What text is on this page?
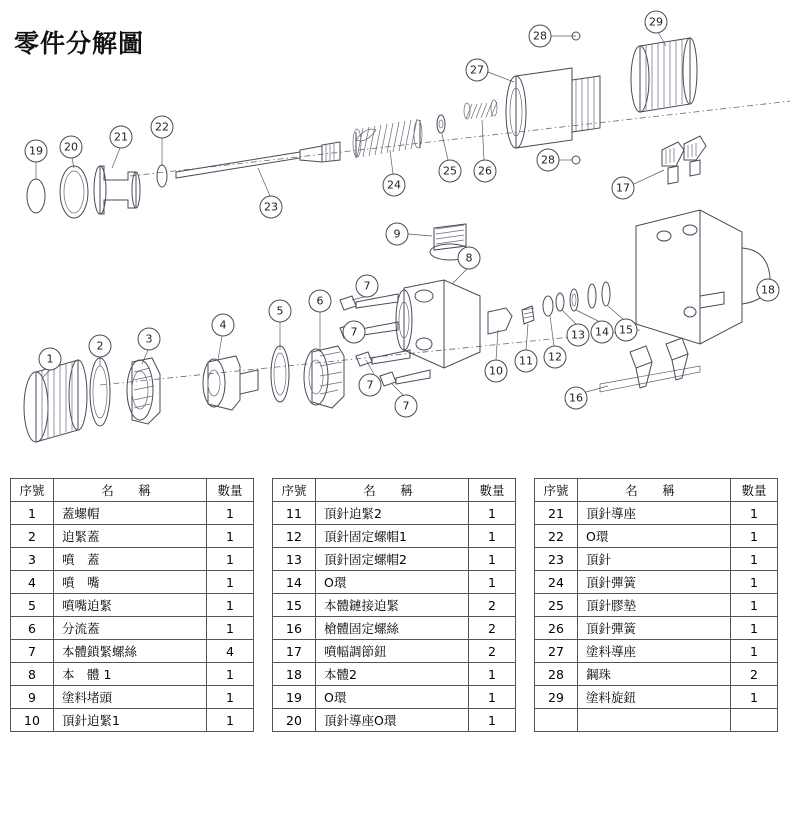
零件分解圖	28
29
27
19 20
21
22
23
24
25 26
28
17
18
9
8
7
7
7
7
10
11 12
13 14 15
16
1
2
3
4
5
6
序號	名　稱	數量
1	蓋螺帽	1
2	迫緊蓋	1
3	噴　蓋	1
4	噴　嘴	1
5	噴嘴迫緊	1
6	分流蓋	1
7	本體鎖緊螺絲	4
8	本　體 1	1
9	塗料堵頭	1
10	頂針迫緊1	1
序號	名　稱	數量
11	頂針迫緊2	1
12	頂針固定螺帽1	1
13	頂針固定螺帽2	1
14	O環	1
15	本體鏈接迫緊	2
16	槍體固定螺絲	2
17	噴幅調節鈕	2
18	本體2	1
19	O環	1
20	頂針導座O環	1
序號	名　稱	數量
21	頂針導座	1
22	O環	1
23	頂針	1
24	頂針彈簧	1
25	頂針膠墊	1
26	頂針彈簧	1
27	塗料導座	1
28	鋼珠	2
29	塗料旋鈕	1
